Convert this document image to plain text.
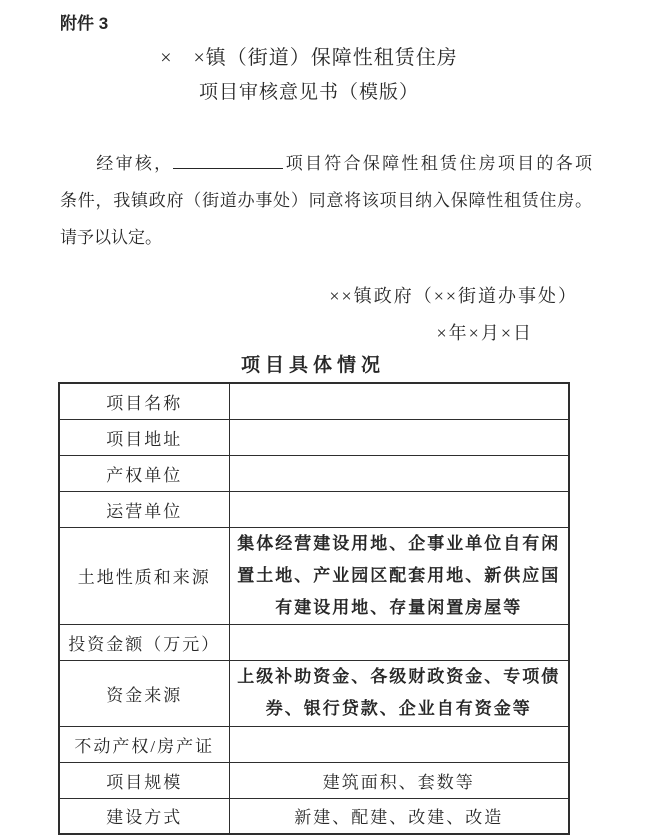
附件 3
×　×镇（街道）保障性租赁住房
项目审核意见书（模版）
经审核，	项目符合保障性租赁住房项目的各项
条件，我镇政府（街道办事处）同意将该项目纳入保障性租赁住房。
请予以认定。
××镇政府（××街道办事处）
×年×月×日
项目具体情况
项目名称	
项目地址	
产权单位	
运营单位	
土地性质和来源	集体经营建设用地、企事业单位自有闲置土地、产业园区配套用地、新供应国有建设用地、存量闲置房屋等
投资金额（万元）	
资金来源	上级补助资金、各级财政资金、专项债券、银行贷款、企业自有资金等
不动产权/房产证	
项目规模	建筑面积、套数等
建设方式	新建、配建、改建、改造
